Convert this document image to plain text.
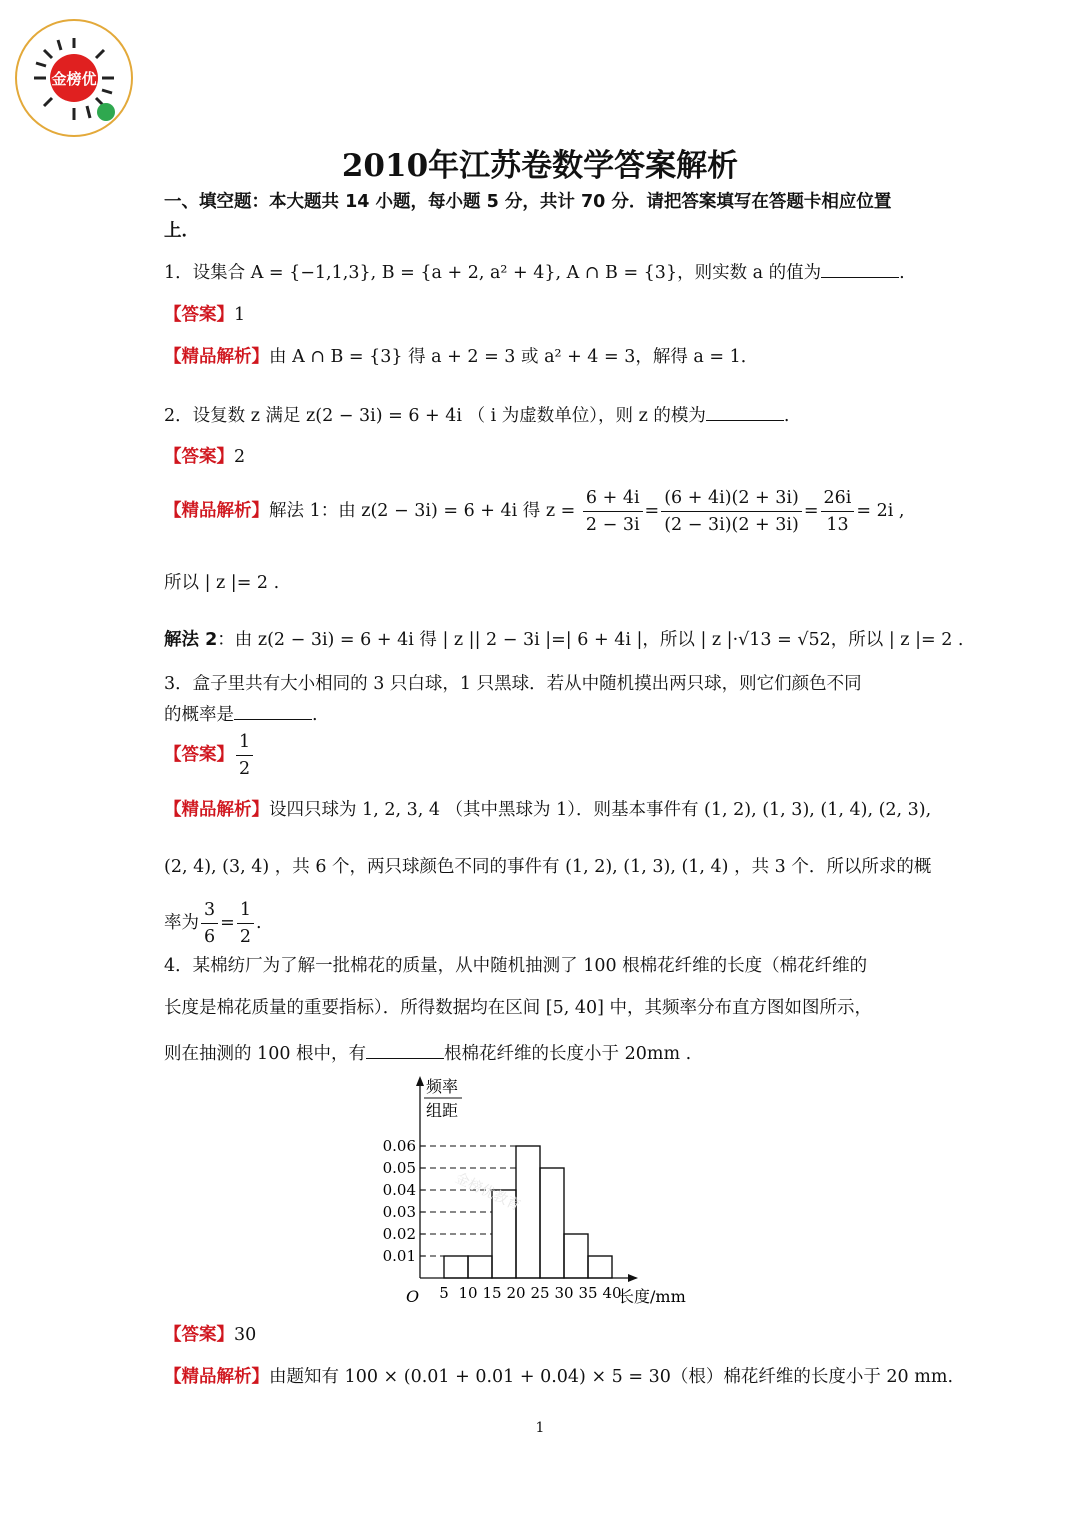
金榜优
2010年江苏卷数学答案解析
一、填空题：本大题共 14 小题，每小题 5 分，共计 70 分．请把答案填写在答题卡相应位置
上．
1．设集合 A = {−1,1,3}, B = {a + 2, a² + 4}, A ∩ B = {3}，则实数 a 的值为	.
【答案】1
【精品解析】由 A ∩ B = {3} 得 a + 2 = 3 或 a² + 4 = 3，解得 a = 1．
2．设复数 z 满足 z(2 − 3i) = 6 + 4i （ i 为虚数单位），则 z 的模为	.
【答案】2
【精品解析】解法 1：由 z(2 − 3i) = 6 + 4i 得 $z = \frac{6 + 4i}{2 - 3i} = \frac{(6 + 4i)(2 + 3i)}{(2 - 3i)(2 + 3i)} = \frac{26i}{13} = 2i$ ,
所以 | z |= 2 .
解法 2：由 z(2 − 3i) = 6 + 4i 得 | z || 2 − 3i |=| 6 + 4i |，所以 | z |·√13 = √52，所以 | z |= 2 .
3．盒子里共有大小相同的 3 只白球，1 只黑球．若从中随机摸出两只球，则它们颜色不同
的概率是	.
【答案】 $\frac{1}{2}$
【精品解析】设四只球为 1, 2, 3, 4 （其中黑球为 1）．则基本事件有 (1, 2), (1, 3), (1, 4), (2, 3),
(2, 4), (3, 4) ，共 6 个，两只球颜色不同的事件有 (1, 2), (1, 3), (1, 4) ，共 3 个．所以所求的概
率为 $\frac{3}{6} = \frac{1}{2}$ .
4．某棉纺厂为了解一批棉花的质量，从中随机抽测了 100 根棉花纤维的长度（棉花纤维的
长度是棉花质量的重要指标）．所得数据均在区间 [5, 40] 中，其频率分布直方图如图所示，
则在抽测的 100 根中，有	根棉花纤维的长度小于 20mm .
0.01
0.02
0.03
0.04
0.05
0.06
5 10 15 20 25 30 35 40
频率
组距
O	长度/mm
金榜优教育
【答案】30
【精品解析】由题知有 100 × (0.01 + 0.01 + 0.04) × 5 = 30（根）棉花纤维的长度小于 20 mm.
1
